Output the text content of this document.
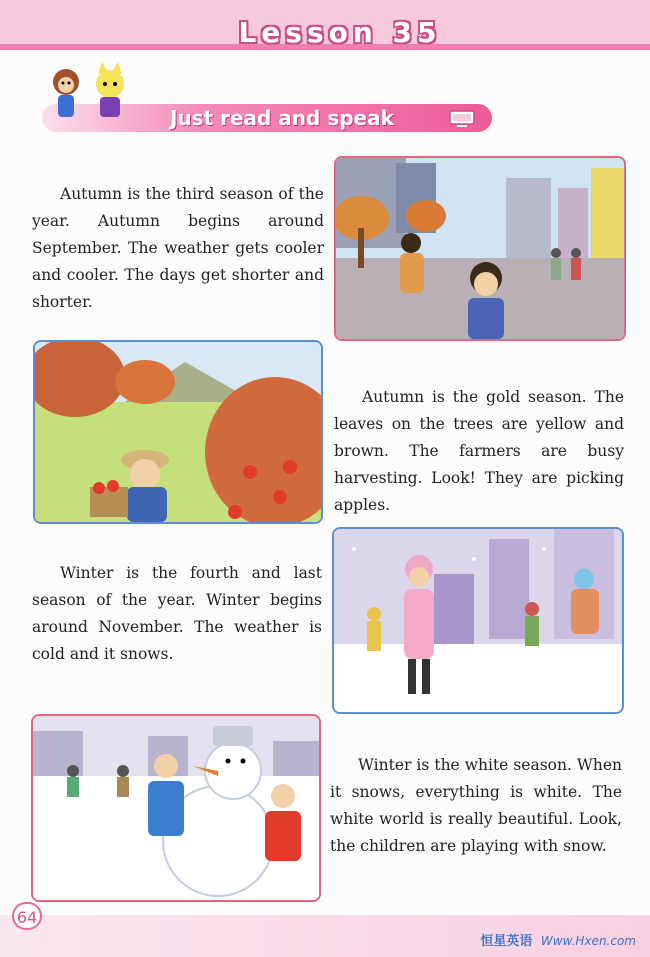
Lesson 35
Just read and speak

Autumn is the third season of the year. Autumn begins around September. The weather gets cooler and cooler. The days get shorter and shorter.

Autumn is the gold season. The leaves on the trees are yellow and brown. The farmers are busy harvesting. Look! They are picking apples.

Winter is the fourth and last season of the year. Winter begins around November. The weather is cold and it snows.

Winter is the white season. When it snows, everything is white. The white world is really beautiful. Look, the children are playing with snow.

64
恒星英语 Www.Hxen.com
